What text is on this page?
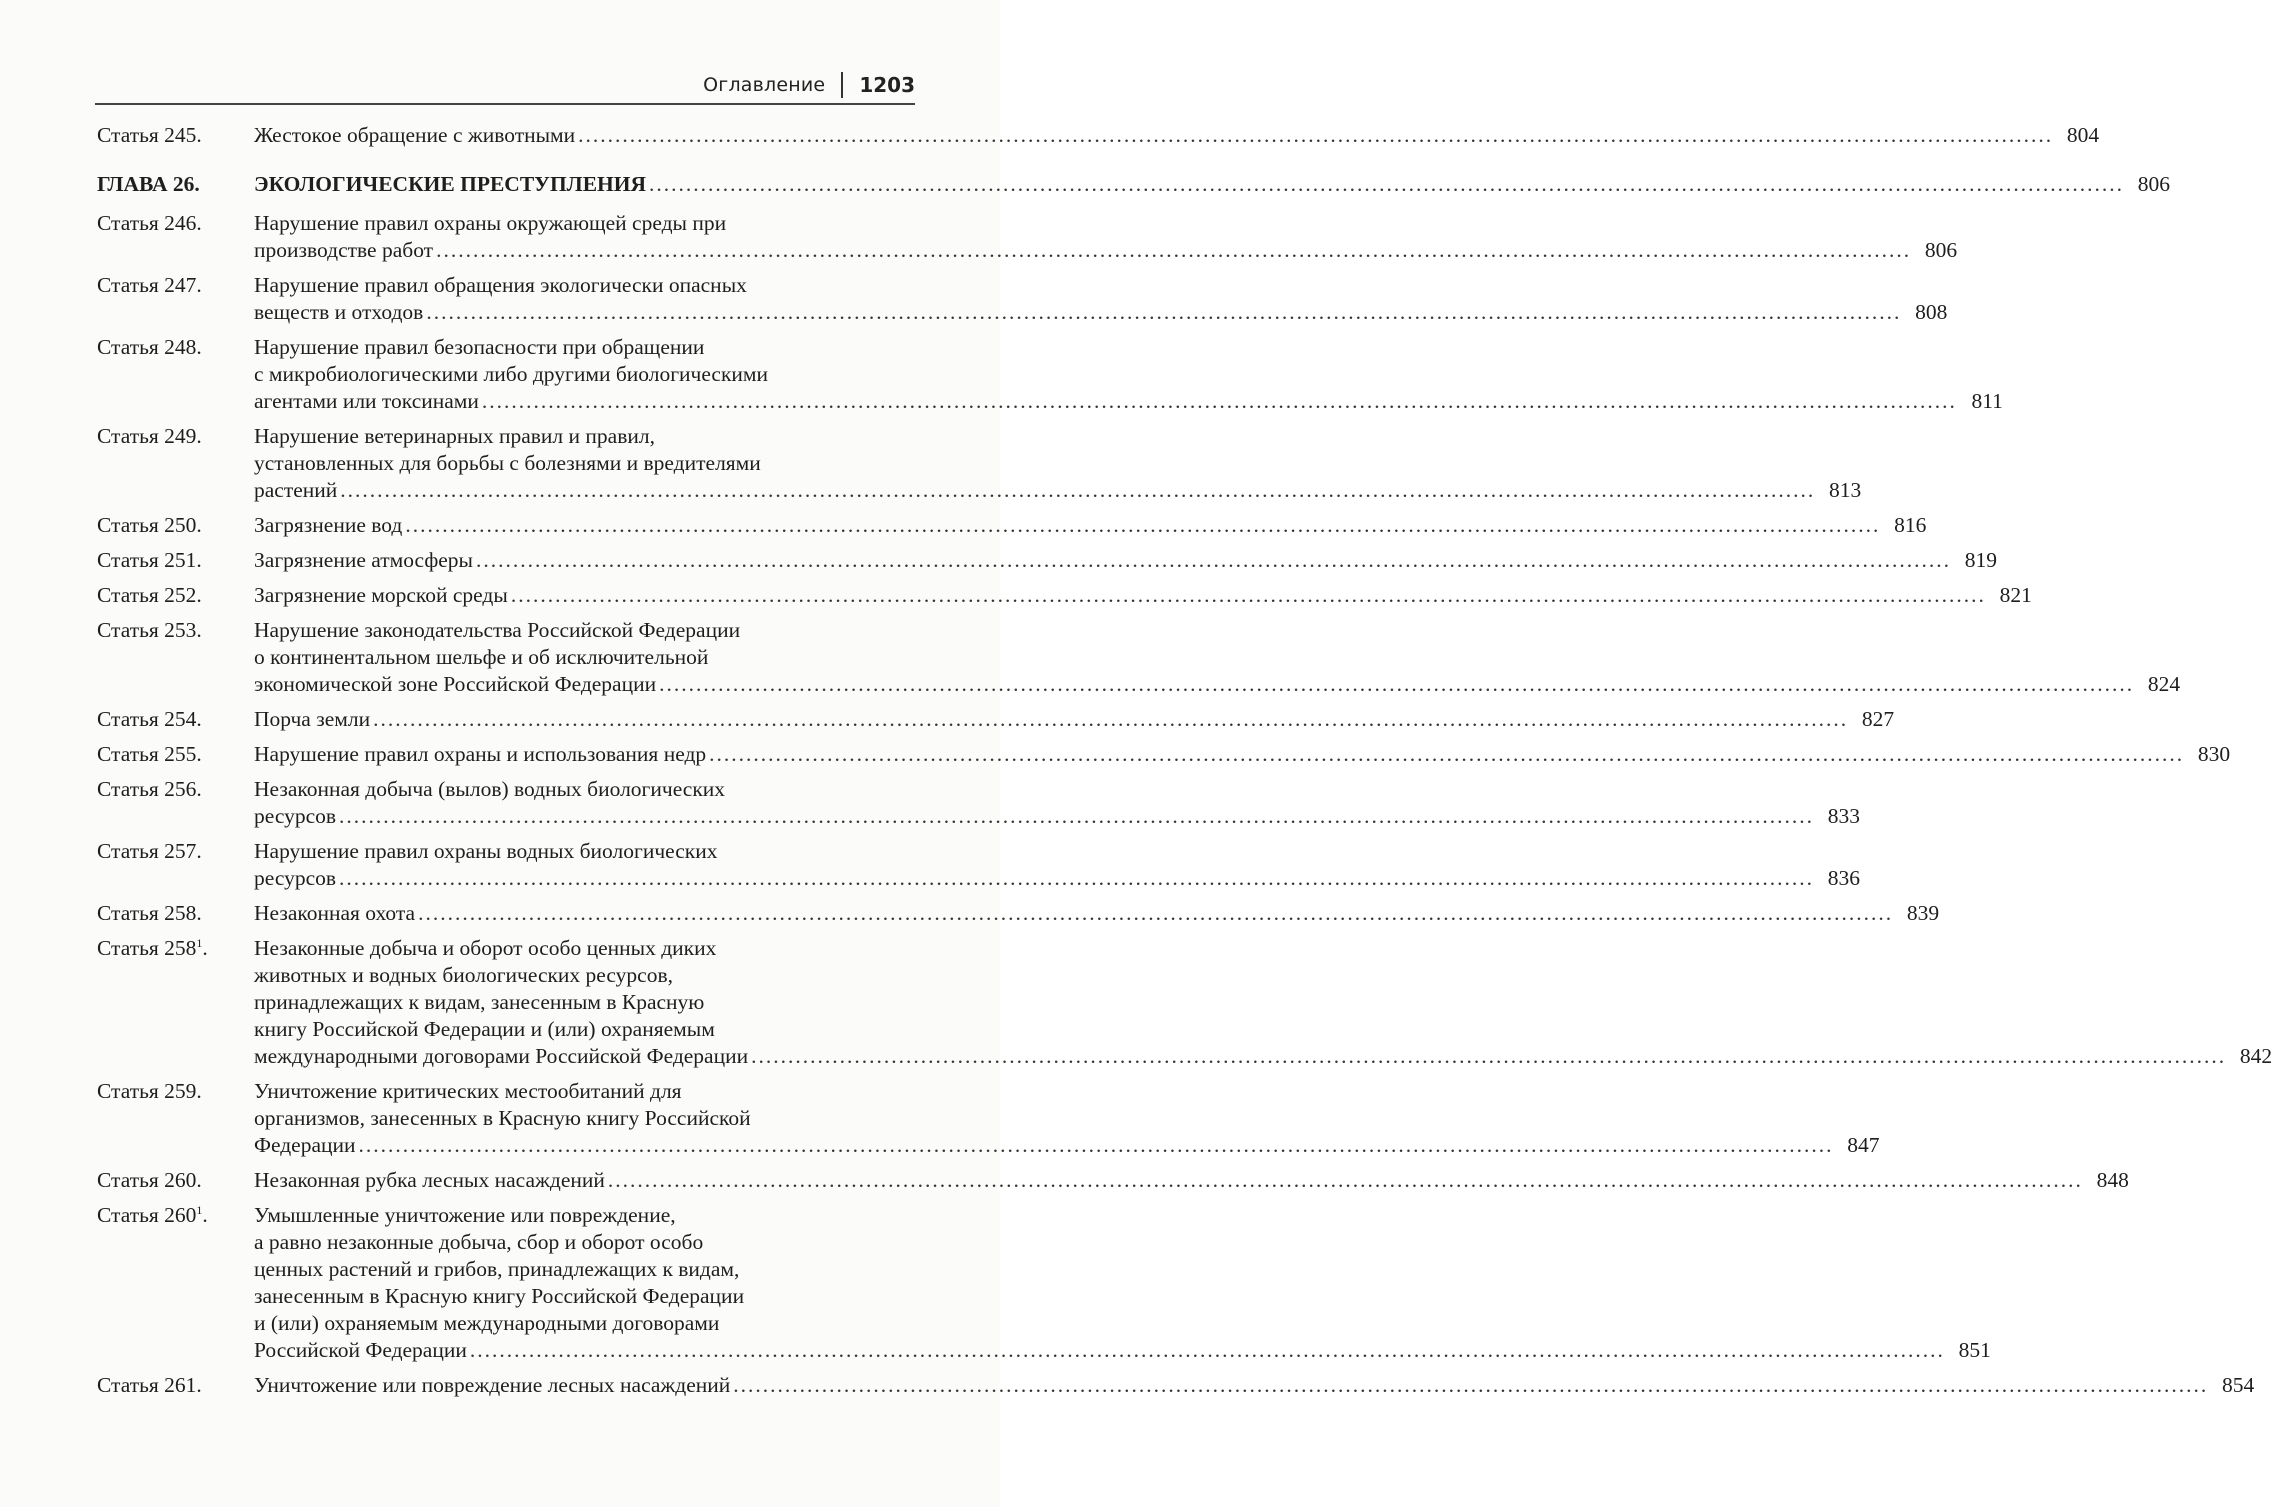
Оглавление 1203
Статья 245.	Жестокое обращение с животными ........................................................................................................................................................................................................ 804
ГЛАВА 26.	ЭКОЛОГИЧЕСКИЕ ПРЕСТУПЛЕНИЯ ........................................................................................................................................................................................................ 806
Статья 246.	Нарушение правил охраны окружающей среды при
производстве работ ........................................................................................................................................................................................................ 806
Статья 247.	Нарушение правил обращения экологически опасных
веществ и отходов ........................................................................................................................................................................................................ 808
Статья 248.	Нарушение правил безопасности при обращении
с микробиологическими либо другими биологическими
агентами или токсинами ........................................................................................................................................................................................................ 811
Статья 249.	Нарушение ветеринарных правил и правил,
установленных для борьбы с болезнями и вредителями
растений ........................................................................................................................................................................................................ 813
Статья 250.	Загрязнение вод ........................................................................................................................................................................................................ 816
Статья 251.	Загрязнение атмосферы ........................................................................................................................................................................................................ 819
Статья 252.	Загрязнение морской среды ........................................................................................................................................................................................................ 821
Статья 253.	Нарушение законодательства Российской Федерации
о континентальном шельфе и об исключительной
экономической зоне Российской Федерации ........................................................................................................................................................................................................ 824
Статья 254.	Порча земли ........................................................................................................................................................................................................ 827
Статья 255.	Нарушение правил охраны и использования недр ........................................................................................................................................................................................................ 830
Статья 256.	Незаконная добыча (вылов) водных биологических
ресурсов ........................................................................................................................................................................................................ 833
Статья 257.	Нарушение правил охраны водных биологических
ресурсов ........................................................................................................................................................................................................ 836
Статья 258.	Незаконная охота ........................................................................................................................................................................................................ 839
Статья $258^1$.	Незаконные добыча и оборот особо ценных диких
животных и водных биологических ресурсов,
принадлежащих к видам, занесенным в Красную
книгу Российской Федерации и (или) охраняемым
международными договорами Российской Федерации ........................................................................................................................................................................................................ 842
Статья 259.	Уничтожение критических местообитаний для
организмов, занесенных в Красную книгу Российской
Федерации ........................................................................................................................................................................................................ 847
Статья 260.	Незаконная рубка лесных насаждений ........................................................................................................................................................................................................ 848
Статья $260^1$.	Умышленные уничтожение или повреждение,
а равно незаконные добыча, сбор и оборот особо
ценных растений и грибов, принадлежащих к видам,
занесенным в Красную книгу Российской Федерации
и (или) охраняемым международными договорами
Российской Федерации ........................................................................................................................................................................................................ 851
Статья 261.	Уничтожение или повреждение лесных насаждений ........................................................................................................................................................................................................ 854
